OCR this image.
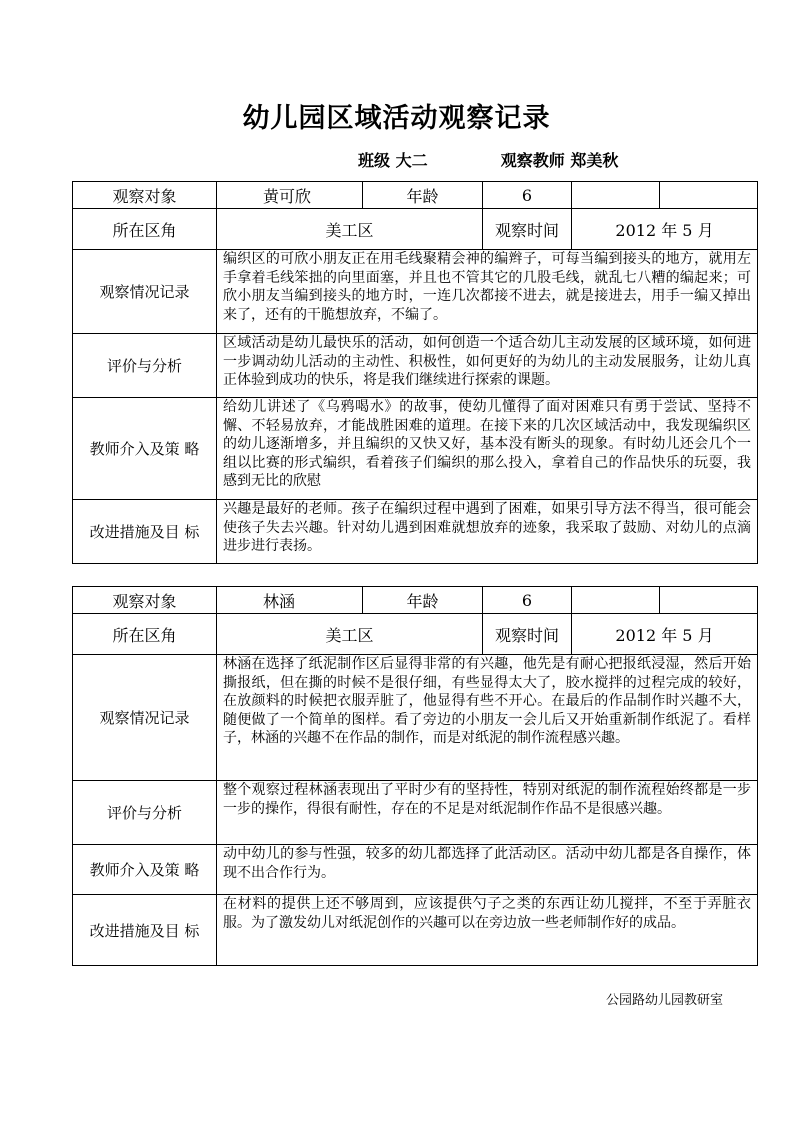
幼儿园区域活动观察记录
班级 大二	观察教师 郑美秋
观察对象	黄可欣	年龄	6		
所在区角	美工区		观察时间	2012 年 5 月	
观察情况记录	编织区的可欣小朋友正在用毛线聚精会神的编辫子，可每当编到接头的地方，就用左手拿着毛线笨拙的向里面塞，并且也不管其它的几股毛线，就乱七八糟的编起来；可欣小朋友当编到接头的地方时，一连几次都接不进去，就是接进去，用手一编又掉出来了，还有的干脆想放弃，不编了。				
评价与分析	区域活动是幼儿最快乐的活动，如何创造一个适合幼儿主动发展的区域环境，如何进一步调动幼儿活动的主动性、积极性，如何更好的为幼儿的主动发展服务，让幼儿真正体验到成功的快乐，将是我们继续进行探索的课题。				
教师介入及策 略	给幼儿讲述了《乌鸦喝水》的故事，使幼儿懂得了面对困难只有勇于尝试、坚持不懈、不轻易放弃，才能战胜困难的道理。在接下来的几次区域活动中，我发现编织区的幼儿逐渐增多，并且编织的又快又好，基本没有断头的现象。有时幼儿还会几个一组以比赛的形式编织，看着孩子们编织的那么投入，拿着自己的作品快乐的玩耍，我感到无比的欣慰				
改进措施及目 标	兴趣是最好的老师。孩子在编织过程中遇到了困难，如果引导方法不得当，很可能会使孩子失去兴趣。针对幼儿遇到困难就想放弃的迹象，我采取了鼓励、对幼儿的点滴进步进行表扬。				
观察对象	林涵	年龄	6		
所在区角	美工区		观察时间	2012 年 5 月	
观察情况记录	林涵在选择了纸泥制作区后显得非常的有兴趣，他先是有耐心把报纸浸湿，然后开始撕报纸，但在撕的时候不是很仔细，有些显得太大了，胶水搅拌的过程完成的较好，在放颜料的时候把衣服弄脏了，他显得有些不开心。在最后的作品制作时兴趣不大，随便做了一个简单的图样。看了旁边的小朋友一会儿后又开始重新制作纸泥了。看样子，林涵的兴趣不在作品的制作，而是对纸泥的制作流程感兴趣。				
评价与分析	整个观察过程林涵表现出了平时少有的坚持性，特别对纸泥的制作流程始终都是一步一步的操作，得很有耐性，存在的不足是对纸泥制作作品不是很感兴趣。				
教师介入及策 略	动中幼儿的参与性强，较多的幼儿都选择了此活动区。活动中幼儿都是各自操作，体现不出合作行为。				
改进措施及目 标	在材料的提供上还不够周到，应该提供勺子之类的东西让幼儿搅拌，不至于弄脏衣服。为了激发幼儿对纸泥创作的兴趣可以在旁边放一些老师制作好的成品。				
公园路幼儿园教研室
